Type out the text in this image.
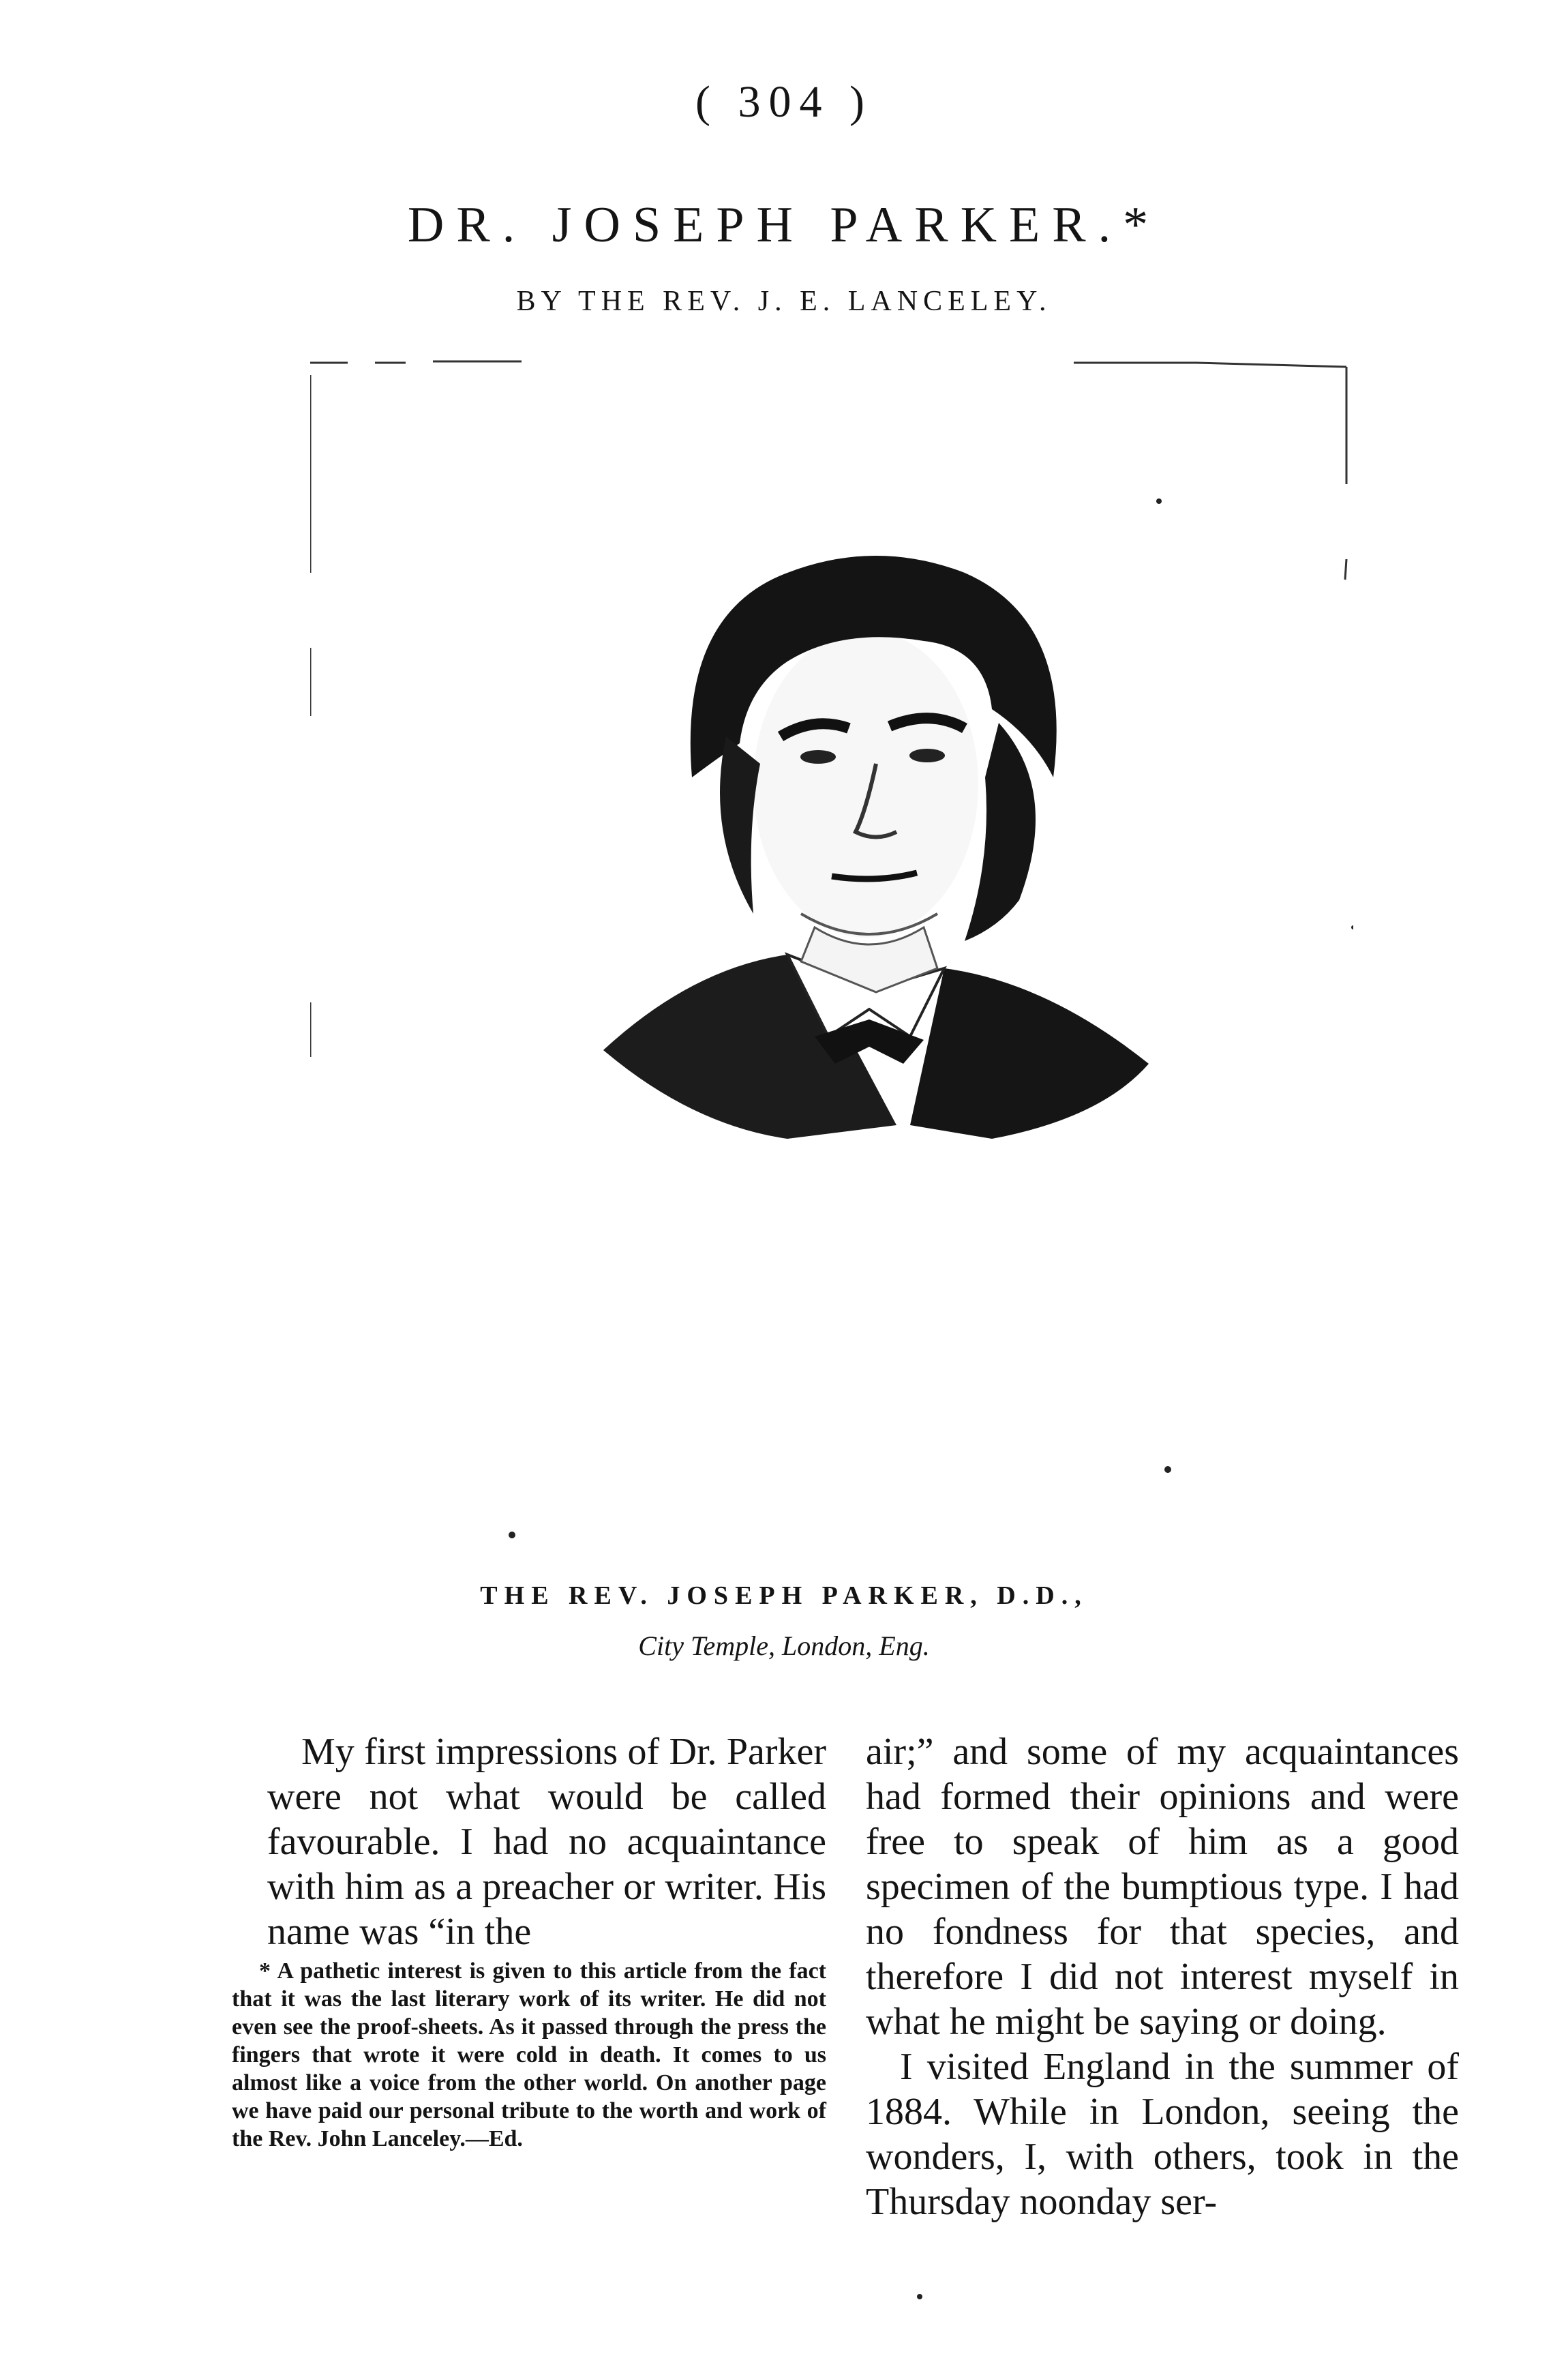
( 304 )
DR. JOSEPH PARKER.*
BY THE REV. J. E. LANCELEY.
THE REV. JOSEPH PARKER, D.D.,
City Temple, London, Eng.

My first impressions of Dr. Parker were not what would be called favourable. I had no acquaintance with him as a preacher or writer. His name was “in the

* A pathetic interest is given to this article from the fact that it was the last literary work of its writer. He did not even see the proof-sheets. As it passed through the press the fingers that wrote it were cold in death. It comes to us almost like a voice from the other world. On another page we have paid our personal tribute to the worth and work of the Rev. John Lanceley.—Ed.

air;” and some of my acquaintances had formed their opinions and were free to speak of him as a good specimen of the bumptious type. I had no fondness for that species, and therefore I did not interest myself in what he might be saying or doing.

I visited England in the summer of 1884. While in London, seeing the wonders, I, with others, took in the Thursday noonday ser-
